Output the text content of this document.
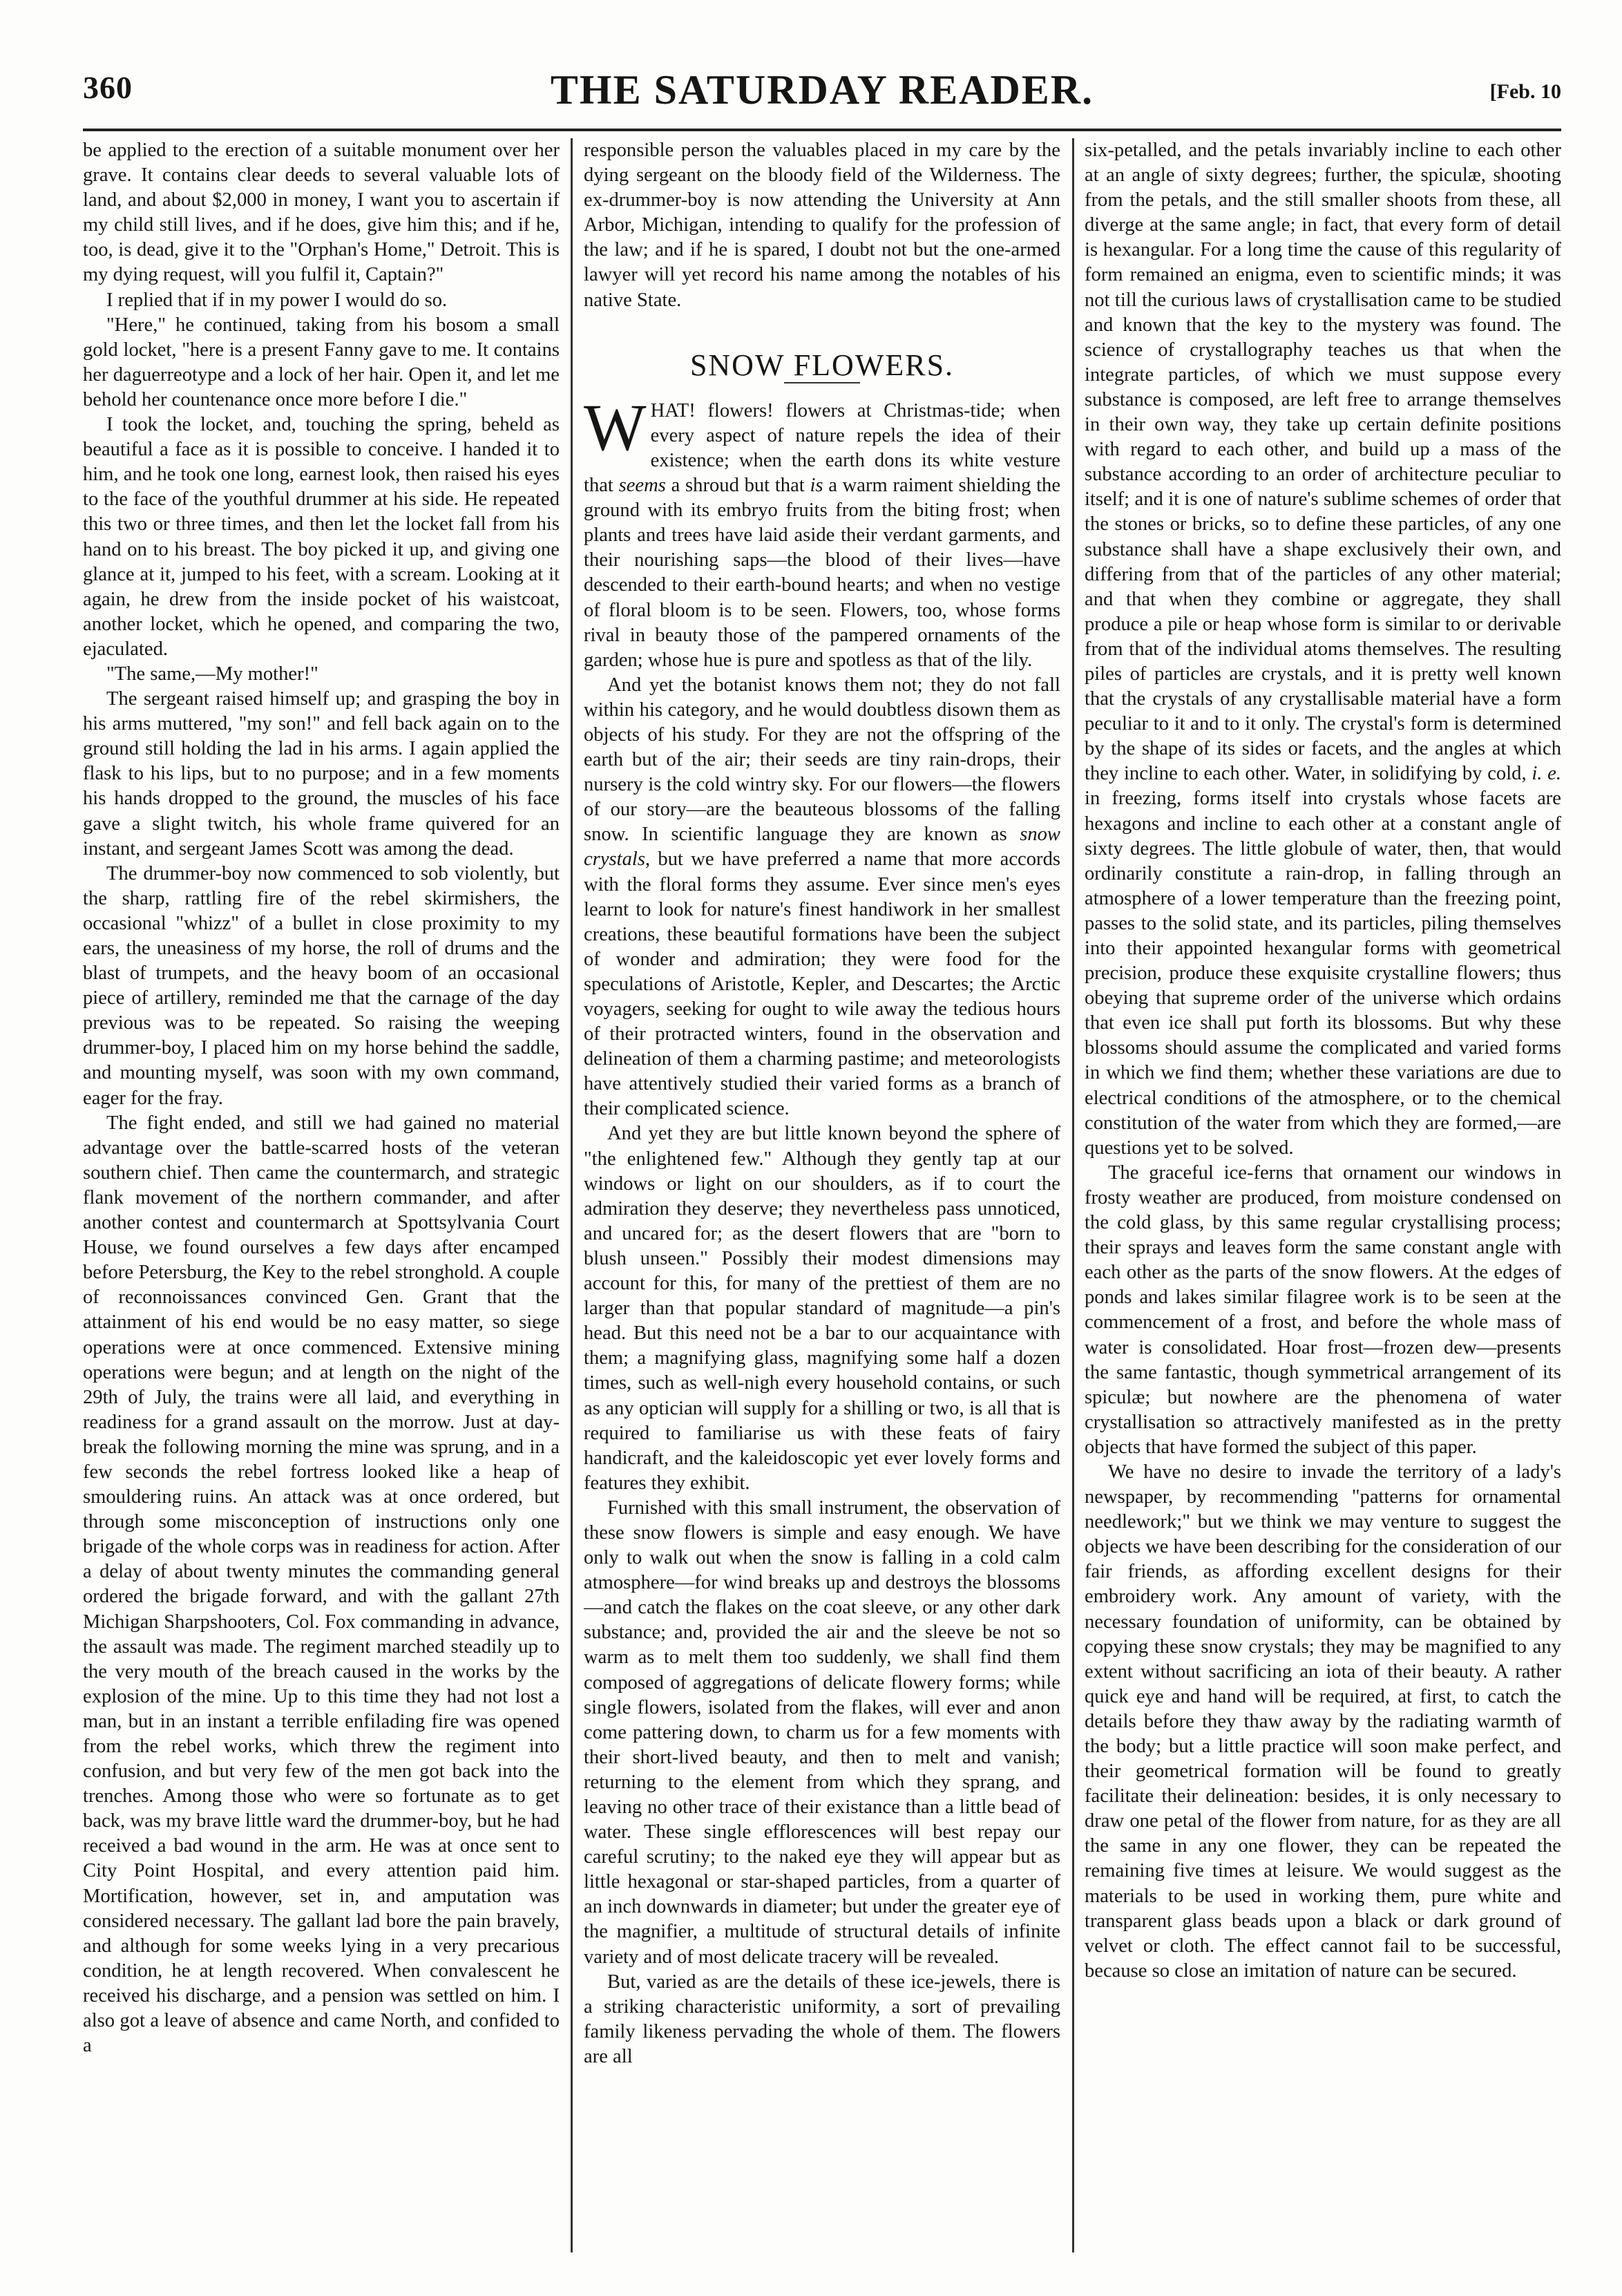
360	THE SATURDAY READER.	[Feb. 10

be applied to the erection of a suitable monument over her grave. It contains clear deeds to several valuable lots of land, and about $2,000 in money, I want you to ascertain if my child still lives, and if he does, give him this; and if he, too, is dead, give it to the "Orphan's Home," Detroit. This is my dying request, will you fulfil it, Captain?"

I replied that if in my power I would do so.

"Here," he continued, taking from his bosom a small gold locket, "here is a present Fanny gave to me. It contains her daguerreotype and a lock of her hair. Open it, and let me behold her countenance once more before I die."

I took the locket, and, touching the spring, beheld as beautiful a face as it is possible to conceive. I handed it to him, and he took one long, earnest look, then raised his eyes to the face of the youthful drummer at his side. He repeated this two or three times, and then let the locket fall from his hand on to his breast. The boy picked it up, and giving one glance at it, jumped to his feet, with a scream. Looking at it again, he drew from the inside pocket of his waistcoat, another locket, which he opened, and comparing the two, ejaculated.

"The same,—My mother!"

The sergeant raised himself up; and grasping the boy in his arms muttered, "my son!" and fell back again on to the ground still holding the lad in his arms. I again applied the flask to his lips, but to no purpose; and in a few moments his hands dropped to the ground, the muscles of his face gave a slight twitch, his whole frame quivered for an instant, and sergeant James Scott was among the dead.

The drummer-boy now commenced to sob violently, but the sharp, rattling fire of the rebel skirmishers, the occasional "whizz" of a bullet in close proximity to my ears, the uneasiness of my horse, the roll of drums and the blast of trumpets, and the heavy boom of an occasional piece of artillery, reminded me that the carnage of the day previous was to be repeated. So raising the weeping drummer-boy, I placed him on my horse behind the saddle, and mounting myself, was soon with my own command, eager for the fray.

The fight ended, and still we had gained no material advantage over the battle-scarred hosts of the veteran southern chief. Then came the countermarch, and strategic flank movement of the northern commander, and after another contest and countermarch at Spottsylvania Court House, we found ourselves a few days after encamped before Petersburg, the Key to the rebel stronghold. A couple of reconnoissances convinced Gen. Grant that the attainment of his end would be no easy matter, so siege operations were at once commenced. Extensive mining operations were begun; and at length on the night of the 29th of July, the trains were all laid, and everything in readiness for a grand assault on the morrow. Just at day-break the following morning the mine was sprung, and in a few seconds the rebel fortress looked like a heap of smouldering ruins. An attack was at once ordered, but through some misconception of instructions only one brigade of the whole corps was in readiness for action. After a delay of about twenty minutes the commanding general ordered the brigade forward, and with the gallant 27th Michigan Sharpshooters, Col. Fox commanding in advance, the assault was made. The regiment marched steadily up to the very mouth of the breach caused in the works by the explosion of the mine. Up to this time they had not lost a man, but in an instant a terrible enfilading fire was opened from the rebel works, which threw the regiment into confusion, and but very few of the men got back into the trenches. Among those who were so fortunate as to get back, was my brave little ward the drummer-boy, but he had received a bad wound in the arm. He was at once sent to City Point Hospital, and every attention paid him. Mortification, however, set in, and amputation was considered necessary. The gallant lad bore the pain bravely, and although for some weeks lying in a very precarious condition, he at length recovered. When convalescent he received his discharge, and a pension was settled on him. I also got a leave of absence and came North, and confided to a

responsible person the valuables placed in my care by the dying sergeant on the bloody field of the Wilderness. The ex-drummer-boy is now attending the University at Ann Arbor, Michigan, intending to qualify for the profession of the law; and if he is spared, I doubt not but the one-armed lawyer will yet record his name among the notables of his native State.

SNOW FLOWERS.

WHAT! flowers! flowers at Christmas-tide; when every aspect of nature repels the idea of their existence; when the earth dons its white vesture that seems a shroud but that is a warm raiment shielding the ground with its embryo fruits from the biting frost; when plants and trees have laid aside their verdant garments, and their nourishing saps—the blood of their lives—have descended to their earth-bound hearts; and when no vestige of floral bloom is to be seen. Flowers, too, whose forms rival in beauty those of the pampered ornaments of the garden; whose hue is pure and spotless as that of the lily.

And yet the botanist knows them not; they do not fall within his category, and he would doubtless disown them as objects of his study. For they are not the offspring of the earth but of the air; their seeds are tiny rain-drops, their nursery is the cold wintry sky. For our flowers—the flowers of our story—are the beauteous blossoms of the falling snow. In scientific language they are known as snow crystals, but we have preferred a name that more accords with the floral forms they assume. Ever since men's eyes learnt to look for nature's finest handiwork in her smallest creations, these beautiful formations have been the subject of wonder and admiration; they were food for the speculations of Aristotle, Kepler, and Descartes; the Arctic voyagers, seeking for ought to wile away the tedious hours of their protracted winters, found in the observation and delineation of them a charming pastime; and meteorologists have attentively studied their varied forms as a branch of their complicated science.

And yet they are but little known beyond the sphere of "the enlightened few." Although they gently tap at our windows or light on our shoulders, as if to court the admiration they deserve; they nevertheless pass unnoticed, and uncared for; as the desert flowers that are "born to blush unseen." Possibly their modest dimensions may account for this, for many of the prettiest of them are no larger than that popular standard of magnitude—a pin's head. But this need not be a bar to our acquaintance with them; a magnifying glass, magnifying some half a dozen times, such as well-nigh every household contains, or such as any optician will supply for a shilling or two, is all that is required to familiarise us with these feats of fairy handicraft, and the kaleidoscopic yet ever lovely forms and features they exhibit.

Furnished with this small instrument, the observation of these snow flowers is simple and easy enough. We have only to walk out when the snow is falling in a cold calm atmosphere—for wind breaks up and destroys the blossoms—and catch the flakes on the coat sleeve, or any other dark substance; and, provided the air and the sleeve be not so warm as to melt them too suddenly, we shall find them composed of aggregations of delicate flowery forms; while single flowers, isolated from the flakes, will ever and anon come pattering down, to charm us for a few moments with their short-lived beauty, and then to melt and vanish; returning to the element from which they sprang, and leaving no other trace of their existance than a little bead of water. These single efflorescences will best repay our careful scrutiny; to the naked eye they will appear but as little hexagonal or star-shaped particles, from a quarter of an inch downwards in diameter; but under the greater eye of the magnifier, a multitude of structural details of infinite variety and of most delicate tracery will be revealed.

But, varied as are the details of these ice-jewels, there is a striking characteristic uniformity, a sort of prevailing family likeness pervading the whole of them. The flowers are all

six-petalled, and the petals invariably incline to each other at an angle of sixty degrees; further, the spiculæ, shooting from the petals, and the still smaller shoots from these, all diverge at the same angle; in fact, that every form of detail is hexangular. For a long time the cause of this regularity of form remained an enigma, even to scientific minds; it was not till the curious laws of crystallisation came to be studied and known that the key to the mystery was found. The science of crystallography teaches us that when the integrate particles, of which we must suppose every substance is composed, are left free to arrange themselves in their own way, they take up certain definite positions with regard to each other, and build up a mass of the substance according to an order of architecture peculiar to itself; and it is one of nature's sublime schemes of order that the stones or bricks, so to define these particles, of any one substance shall have a shape exclusively their own, and differing from that of the particles of any other material; and that when they combine or aggregate, they shall produce a pile or heap whose form is similar to or derivable from that of the individual atoms themselves. The resulting piles of particles are crystals, and it is pretty well known that the crystals of any crystallisable material have a form peculiar to it and to it only. The crystal's form is determined by the shape of its sides or facets, and the angles at which they incline to each other. Water, in solidifying by cold, i. e. in freezing, forms itself into crystals whose facets are hexagons and incline to each other at a constant angle of sixty degrees. The little globule of water, then, that would ordinarily constitute a rain-drop, in falling through an atmosphere of a lower temperature than the freezing point, passes to the solid state, and its particles, piling themselves into their appointed hexangular forms with geometrical precision, produce these exquisite crystalline flowers; thus obeying that supreme order of the universe which ordains that even ice shall put forth its blossoms. But why these blossoms should assume the complicated and varied forms in which we find them; whether these variations are due to electrical conditions of the atmosphere, or to the chemical constitution of the water from which they are formed,—are questions yet to be solved.

The graceful ice-ferns that ornament our windows in frosty weather are produced, from moisture condensed on the cold glass, by this same regular crystallising process; their sprays and leaves form the same constant angle with each other as the parts of the snow flowers. At the edges of ponds and lakes similar filagree work is to be seen at the commencement of a frost, and before the whole mass of water is consolidated. Hoar frost—frozen dew—presents the same fantastic, though symmetrical arrangement of its spiculæ; but nowhere are the phenomena of water crystallisation so attractively manifested as in the pretty objects that have formed the subject of this paper.

We have no desire to invade the territory of a lady's newspaper, by recommending "patterns for ornamental needlework;" but we think we may venture to suggest the objects we have been describing for the consideration of our fair friends, as affording excellent designs for their embroidery work. Any amount of variety, with the necessary foundation of uniformity, can be obtained by copying these snow crystals; they may be magnified to any extent without sacrificing an iota of their beauty. A rather quick eye and hand will be required, at first, to catch the details before they thaw away by the radiating warmth of the body; but a little practice will soon make perfect, and their geometrical formation will be found to greatly facilitate their delineation: besides, it is only necessary to draw one petal of the flower from nature, for as they are all the same in any one flower, they can be repeated the remaining five times at leisure. We would suggest as the materials to be used in working them, pure white and transparent glass beads upon a black or dark ground of velvet or cloth. The effect cannot fail to be successful, because so close an imitation of nature can be secured.
